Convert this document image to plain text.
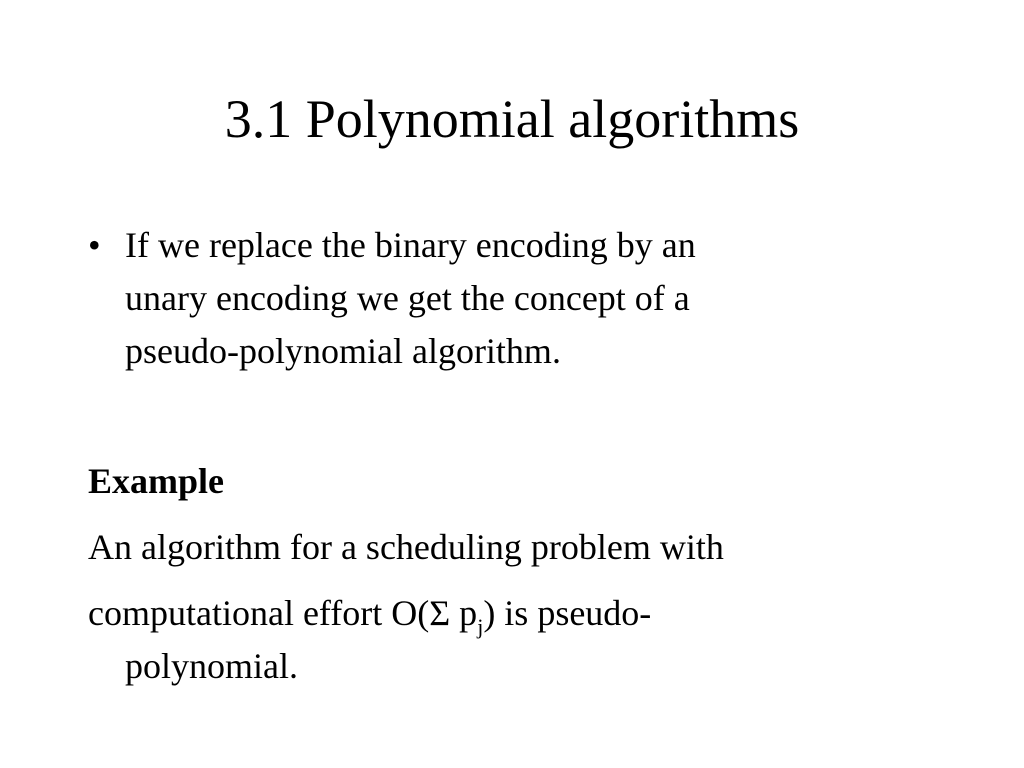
3.1 Polynomial algorithms
• If we replace the binary encoding by an
unary encoding we get the concept of a
pseudo-polynomial algorithm.
Example
An algorithm for a scheduling problem with
computational effort O(Σ $p_j$) is pseudo-
polynomial.
